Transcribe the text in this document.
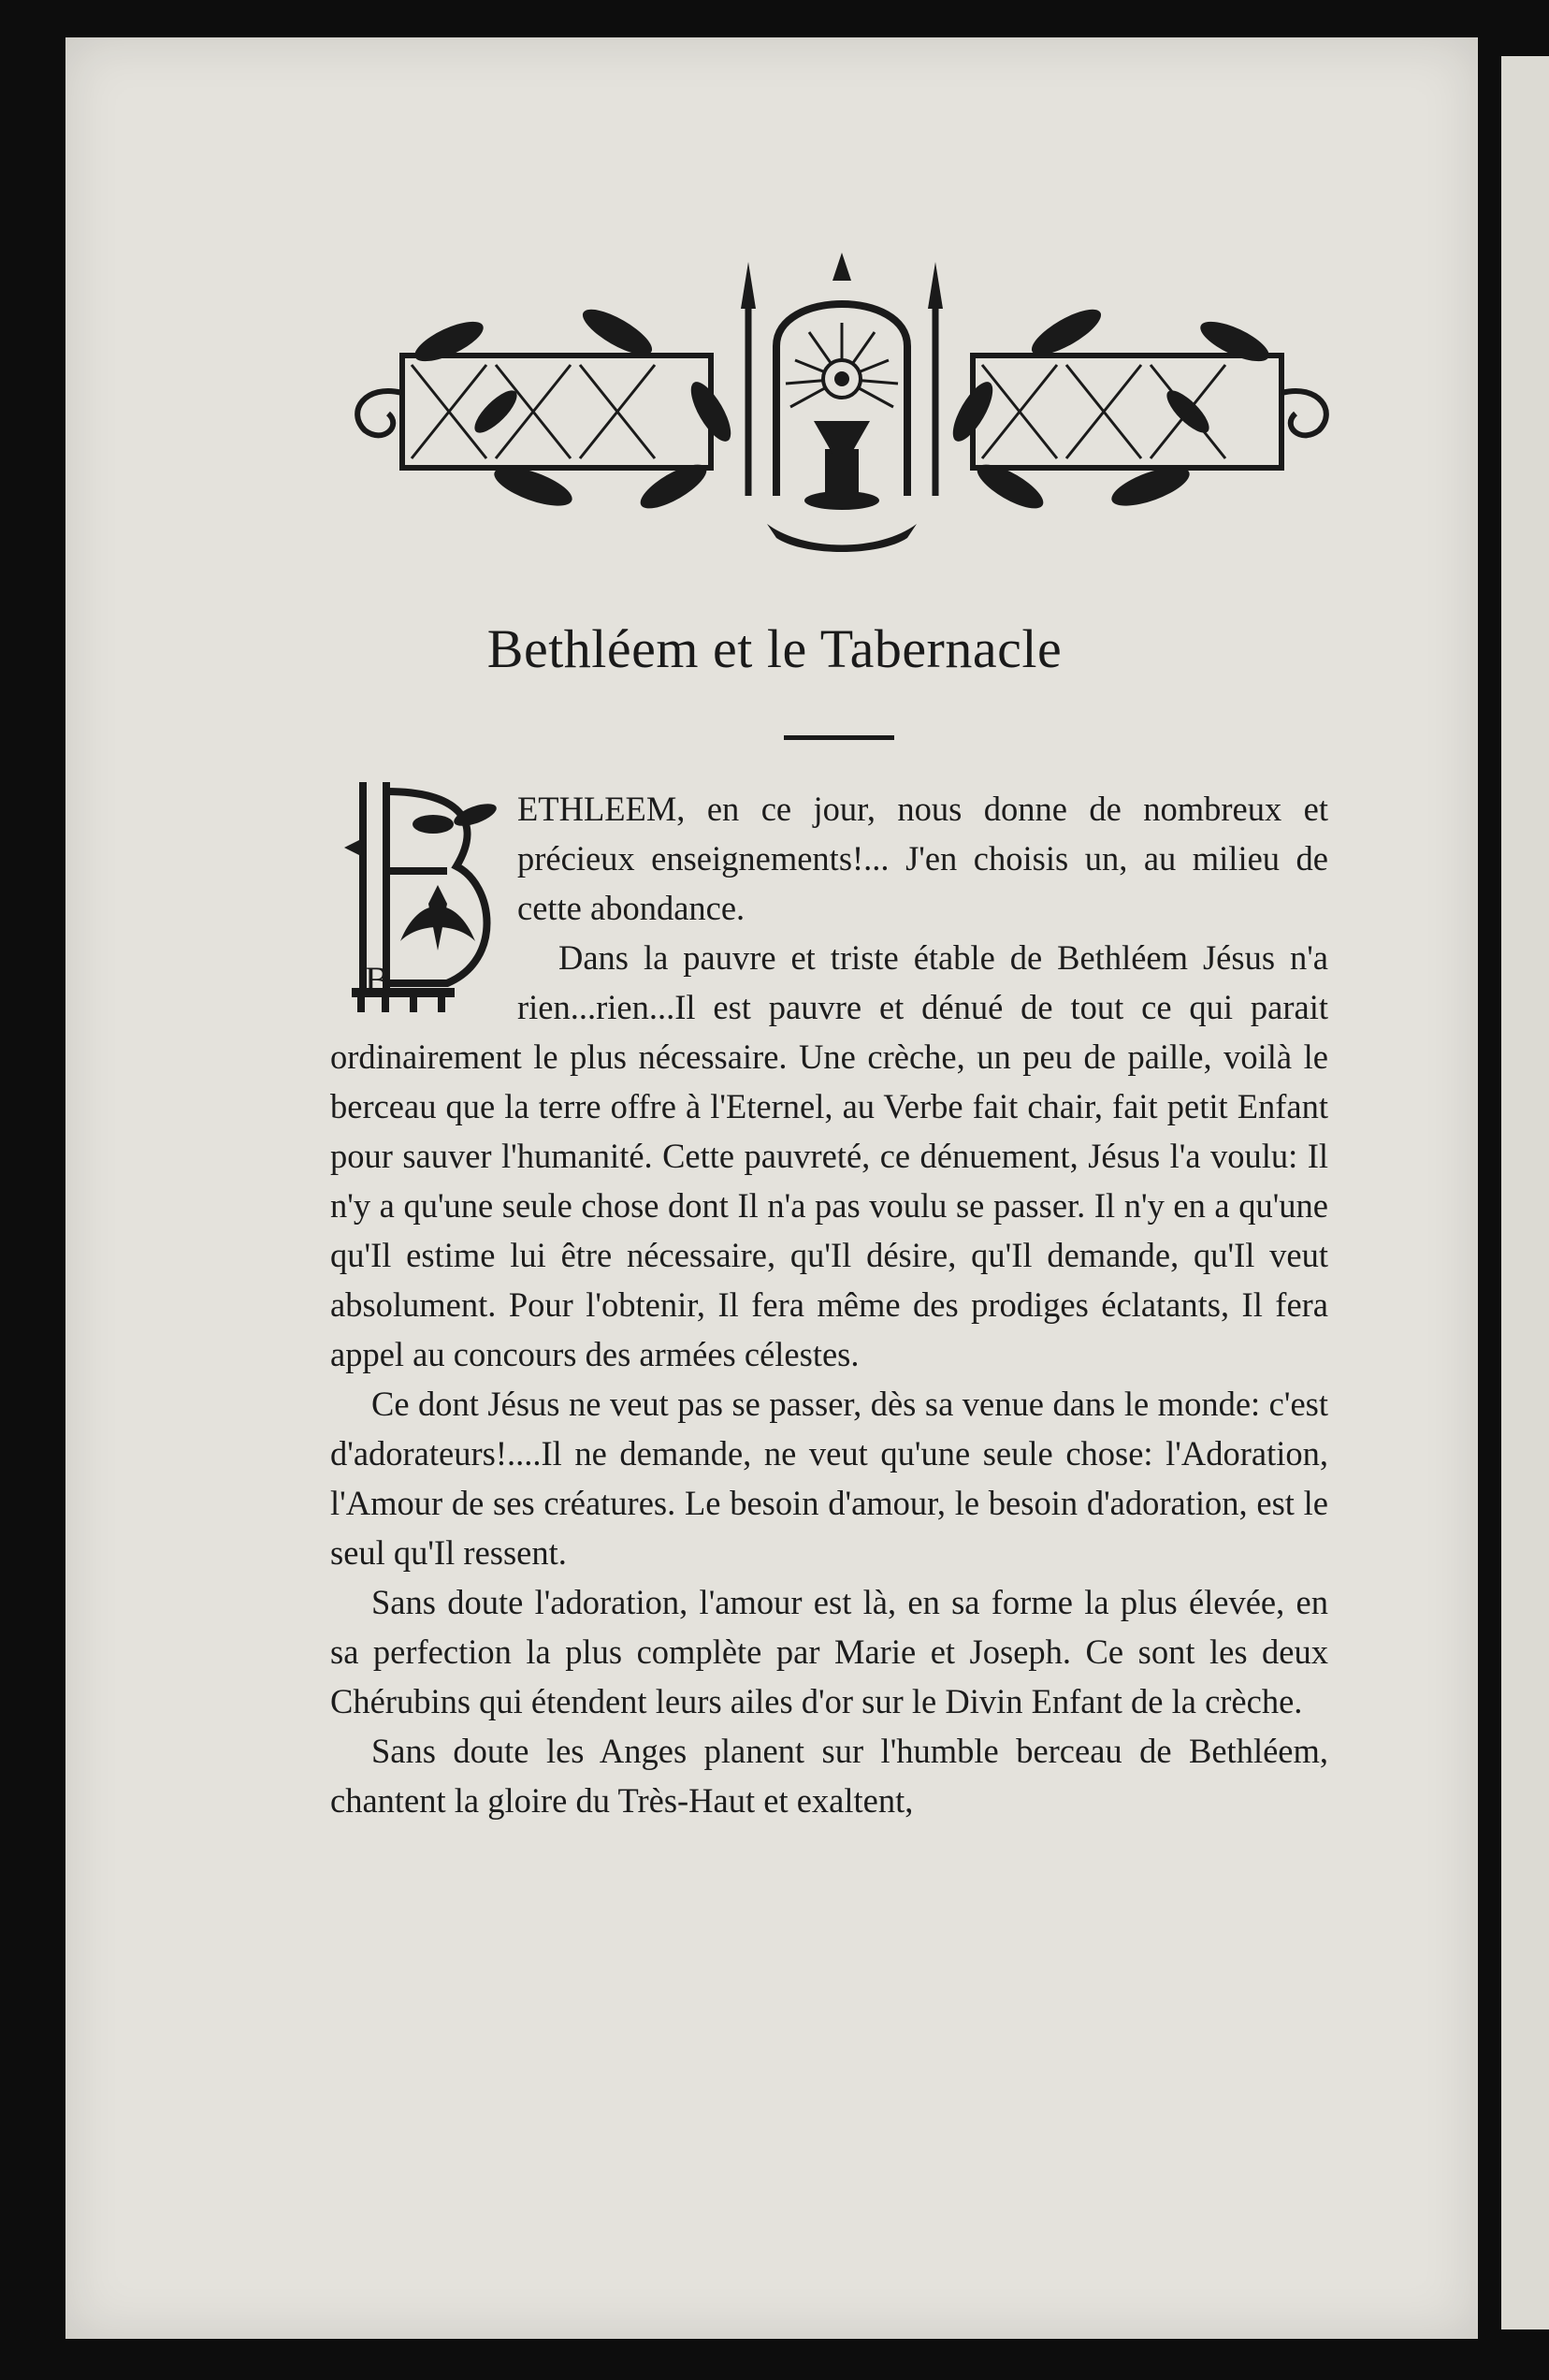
Bethléem et le Tabernacle
B

ETHLEEM, en ce jour, nous donne de nombreux et précieux enseignements!... J'en choisis un, au milieu de cette abondance.

Dans la pauvre et triste étable de Bethléem Jésus n'a rien...rien...Il est pauvre et dénué de tout ce qui parait ordinairement le plus nécessaire. Une crèche, un peu de paille, voilà le berceau que la terre offre à l'Eternel, au Verbe fait chair, fait petit Enfant pour sauver l'humanité. Cette pauvreté, ce dénuement, Jésus l'a voulu: Il n'y a qu'une seule chose dont Il n'a pas voulu se passer. Il n'y en a qu'une qu'Il estime lui être nécessaire, qu'Il désire, qu'Il demande, qu'Il veut absolument. Pour l'obtenir, Il fera même des prodiges éclatants, Il fera appel au concours des armées célestes.

Ce dont Jésus ne veut pas se passer, dès sa venue dans le monde: c'est d'adorateurs!....Il ne demande, ne veut qu'une seule chose: l'Adoration, l'Amour de ses créatures. Le besoin d'amour, le besoin d'adoration, est le seul qu'Il ressent.

Sans doute l'adoration, l'amour est là, en sa forme la plus élevée, en sa perfection la plus complète par Marie et Joseph. Ce sont les deux Chérubins qui étendent leurs ailes d'or sur le Divin Enfant de la crèche.

Sans doute les Anges planent sur l'humble berceau de Bethléem, chantent la gloire du Très-Haut et exaltent,
